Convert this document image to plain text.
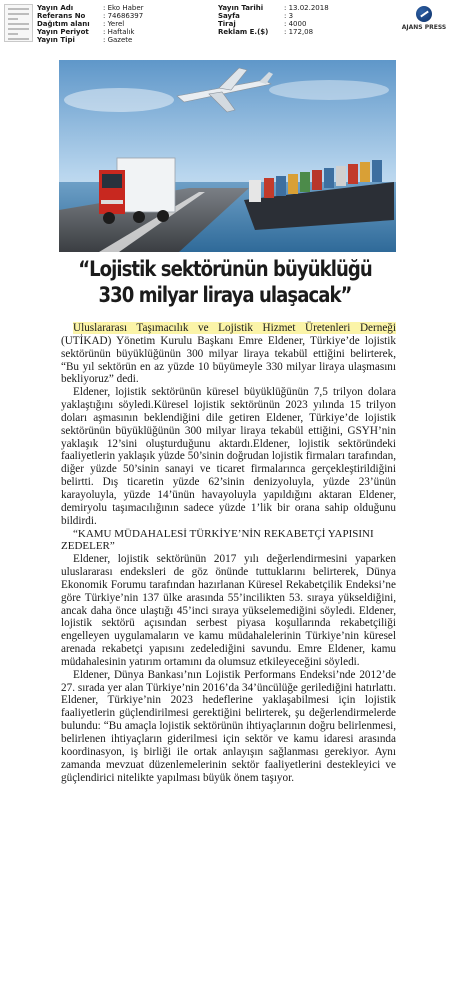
Yayın Adı	: Eko Haber
Referans No	: 74686397
Dağıtım alanı : Yerel
Yayın Periyot : Haftalık
Yayın Tipi	: Gazete
Yayın Tarihi	: 13.02.2018
Sayfa	: 3
Tiraj	: 4000
Reklam E.($) : 172,08
AJANS PRESS
“Lojistik sektörünün büyüklüğü
330 milyar liraya ulaşacak”

Uluslararası Taşımacılık ve Lojistik Hizmet Üretenleri Derneği (UTİKAD) Yönetim Kurulu Başkanı Emre Eldener, Türkiye’de lojistik sektörünün büyüklüğünün 300 milyar liraya tekabül ettiğini belirterek, “Bu yıl sektörün en az yüzde 10 büyümeyle 330 milyar liraya ulaşmasını bekliyoruz” dedi.

Eldener, lojistik sektörünün küresel büyüklüğünün 7,5 trilyon dolara yaklaştığını söyledi.Küresel lojistik sektörünün 2023 yılında 15 trilyon doları aşmasının beklendiğini dile getiren Eldener, Türkiye’de lojistik sektörünün büyüklüğünün 300 milyar liraya tekabül ettiğini, GSYH’nin yaklaşık 12’sini oluşturduğunu aktardı.Eldener, lojistik sektöründeki faaliyetlerin yaklaşık yüzde 50’sinin doğrudan lojistik firmaları tarafından, diğer yüzde 50’sinin sanayi ve ticaret firmalarınca gerçekleştirildiğini belirtti. Dış ticaretin yüzde 62’sinin denizyoluyla, yüzde 23’ünün karayoluyla, yüzde 14’ünün havayoluyla yapıldığını aktaran Eldener, demiryolu taşımacılığının sadece yüzde 1’lik bir orana sahip olduğunu bildirdi.

“KAMU MÜDAHALESİ TÜRKİYE’NİN REKABETÇİ YAPISINI ZEDELER”

Eldener, lojistik sektörünün 2017 yılı değerlendirmesini yaparken uluslararası endeksleri de göz önünde tuttuklarını belirterek, Dünya Ekonomik Forumu tarafından hazırlanan Küresel Rekabetçilik Endeksi’ne göre Türkiye’nin 137 ülke arasında 55’incilikten 53. sıraya yükseldiğini, ancak daha önce ulaştığı 45’inci sıraya yükselemediğini söyledi. Eldener, lojistik sektörü açısından serbest piyasa koşullarında rekabetçiliği engelleyen uygulamaların ve kamu müdahalelerinin Türkiye’nin küresel arenada rekabetçi yapısını zedelediğini savundu. Emre Eldener, kamu müdahalesinin yatırım ortamını da olumsuz etkileyeceğini söyledi.

Eldener, Dünya Bankası’nın Lojistik Performans Endeksi’nde 2012’de 27. sırada yer alan Türkiye’nin 2016’da 34’üncülüğe gerilediğini hatırlattı. Eldener, Türkiye’nin 2023 hedeflerine yaklaşabilmesi için lojistik faaliyetlerin güçlendirilmesi gerektiğini belirterek, şu değerlendirmelerde bulundu: “Bu amaçla lojistik sektörünün ihtiyaçlarının doğru belirlenmesi, belirlenen ihtiyaçların giderilmesi için sektör ve kamu idaresi arasında koordinasyon, iş birliği ile ortak anlayışın sağlanması gerekiyor. Aynı zamanda mevzuat düzenlemelerinin sektör faaliyetlerini destekleyici ve güçlendirici nitelikte yapılması büyük önem taşıyor.
